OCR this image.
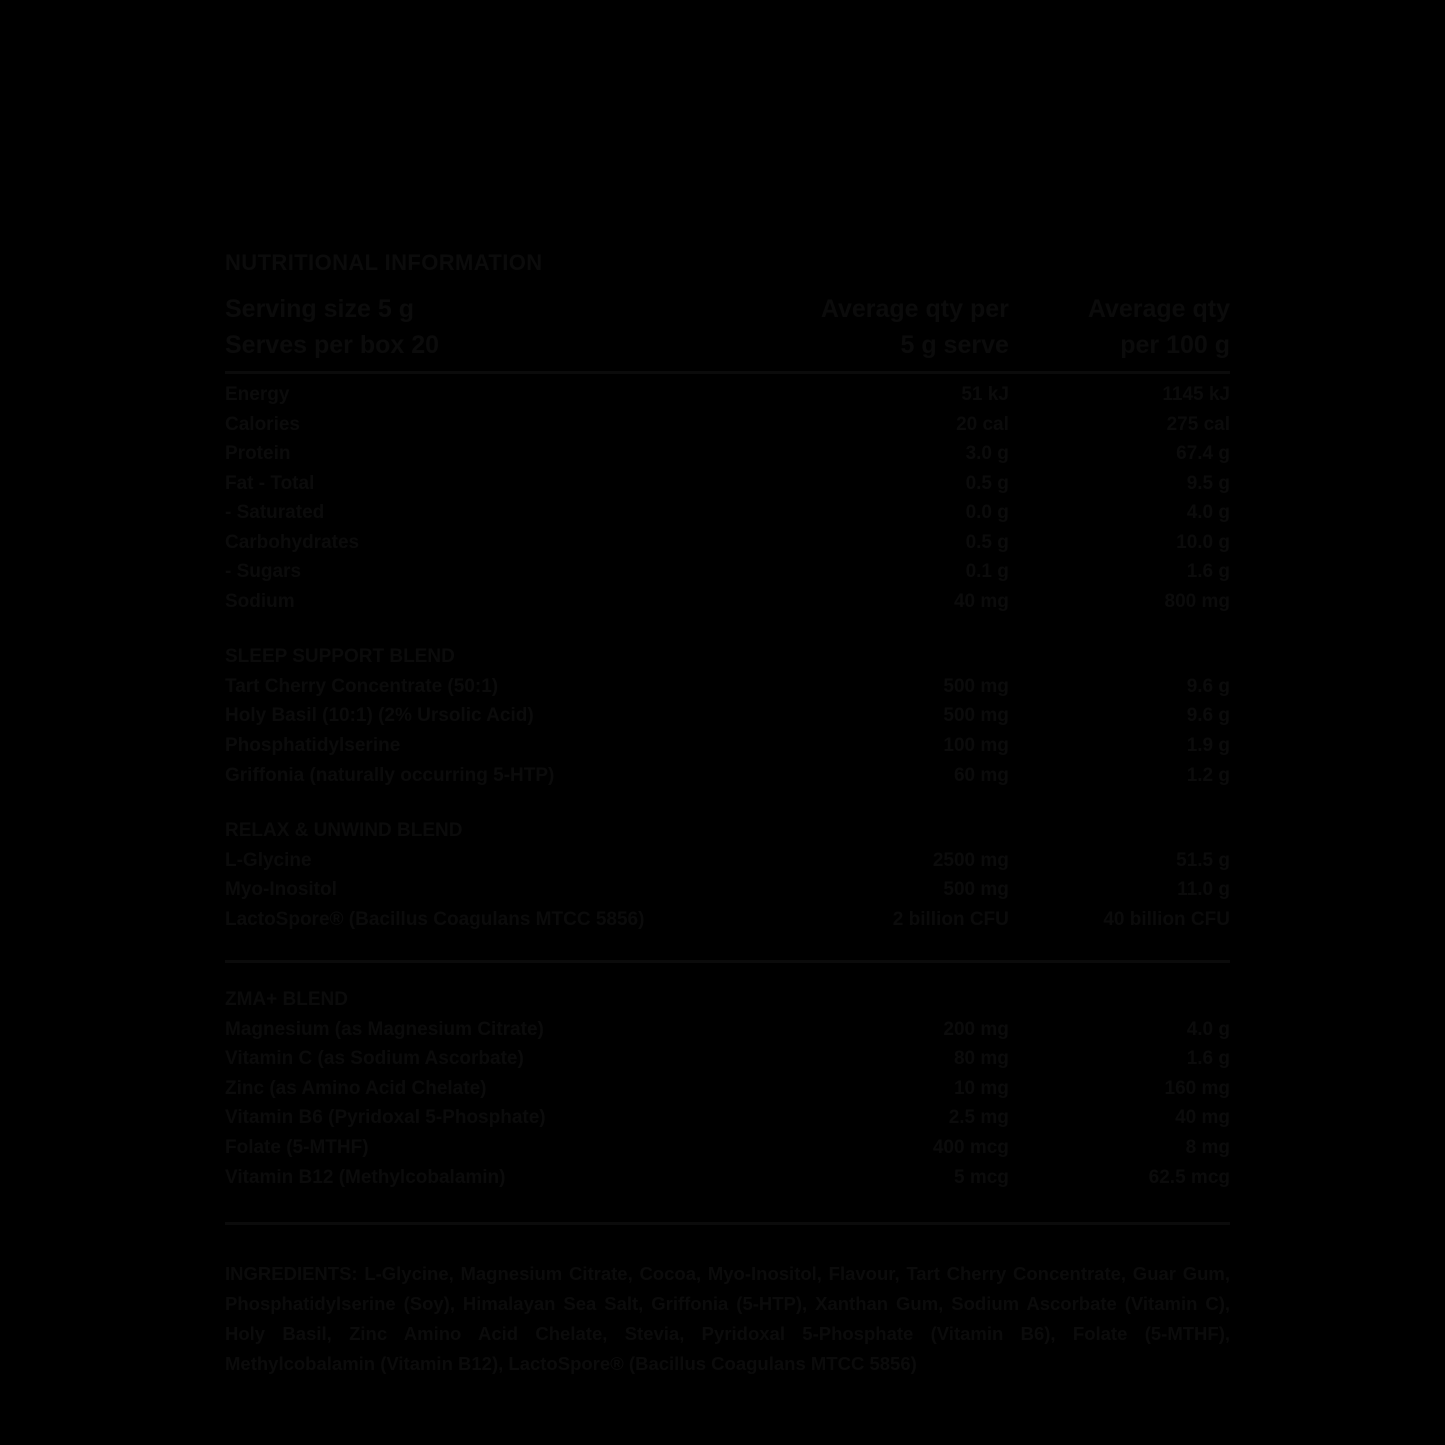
NUTRITIONAL INFORMATION
Serving size 5 g	Average qty per	Average qty
Serves per box 20	5 g serve	per 100 g

Energy	51 kJ	1145 kJ
Calories	20 cal	275 cal
Protein	3.0 g	67.4 g
Fat - Total	0.5 g	9.5 g
- Saturated	0.0 g	4.0 g
Carbohydrates	0.5 g	10.0 g
- Sugars	0.1 g	1.6 g
Sodium	40 mg	800 mg

SLEEP SUPPORT BLEND		
Tart Cherry Concentrate (50:1)	500 mg	9.6 g
Holy Basil (10:1) (2% Ursolic Acid)	500 mg	9.6 g
Phosphatidylserine	100 mg	1.9 g
Griffonia (naturally occurring 5-HTP)	60 mg	1.2 g

RELAX & UNWIND BLEND		
L-Glycine	2500 mg	51.5 g
Myo-Inositol	500 mg	11.0 g
LactoSpore® (Bacillus Coagulans MTCC 5856)	2 billion CFU	40 billion CFU

ZMA+ BLEND		
Magnesium (as Magnesium Citrate)	200 mg	4.0 g
Vitamin C (as Sodium Ascorbate)	80 mg	1.6 g
Zinc (as Amino Acid Chelate)	10 mg	160 mg
Vitamin B6 (Pyridoxal 5-Phosphate)	2.5 mg	40 mg
Folate (5-MTHF)	400 mcg	8 mg
Vitamin B12 (Methylcobalamin)	5 mcg	62.5 mcg

INGREDIENTS: L-Glycine, Magnesium Citrate, Cocoa, Myo-Inositol, Flavour, Tart Cherry Concentrate, Guar Gum, Phosphatidylserine (Soy), Himalayan Sea Salt, Griffonia (5-HTP), Xanthan Gum, Sodium Ascorbate (Vitamin C), Holy Basil, Zinc Amino Acid Chelate, Stevia, Pyridoxal 5-Phosphate (Vitamin B6), Folate (5-MTHF), Methylcobalamin (Vitamin B12), LactoSpore® (Bacillus Coagulans MTCC 5856)
